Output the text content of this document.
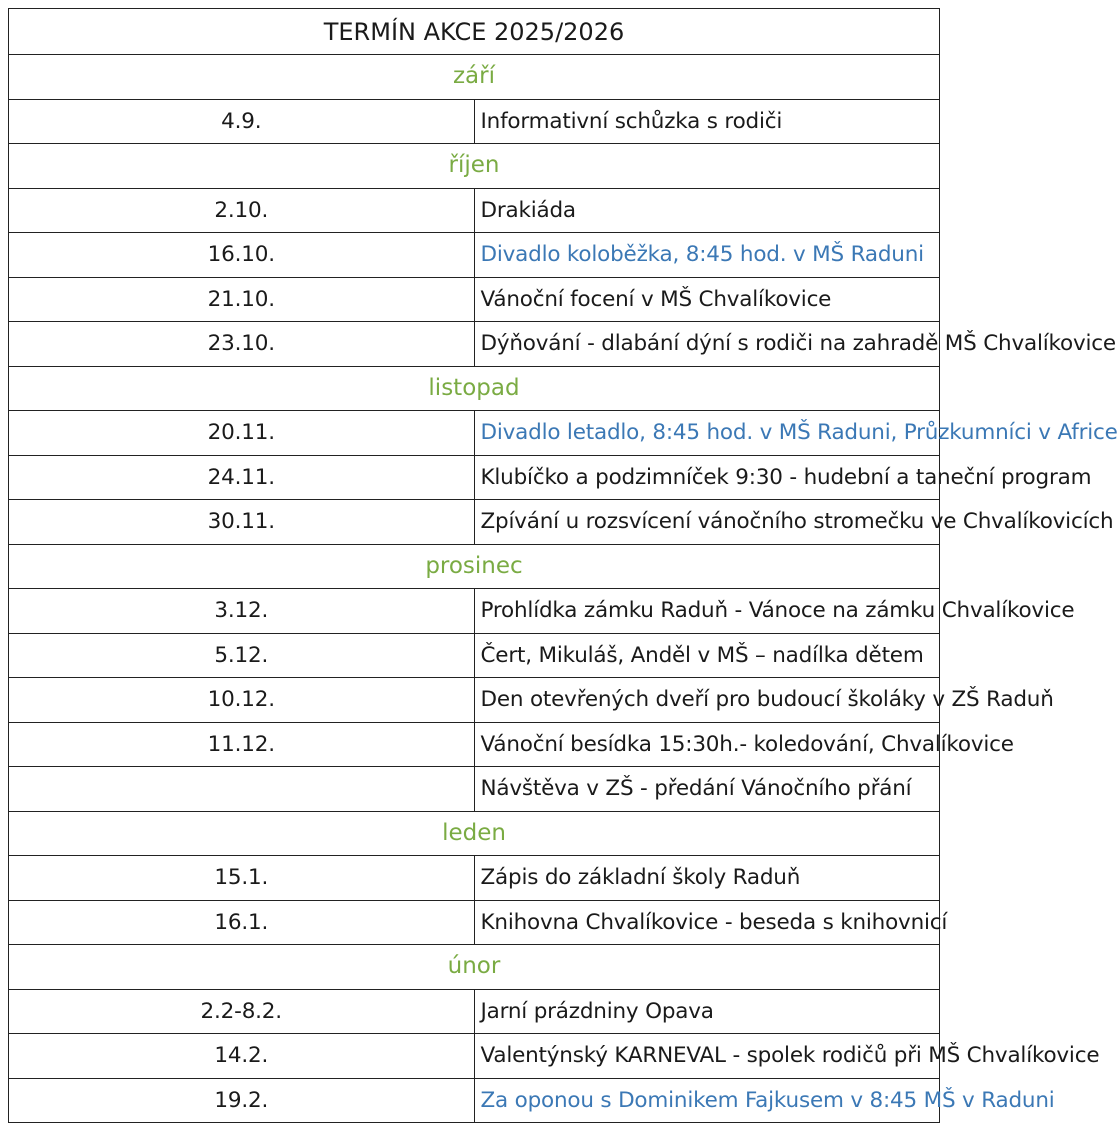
TERMÍN AKCE 2025/2026	
září	
4.9.	Informativní schůzka s rodiči
říjen	
2.10.	Drakiáda
16.10.	Divadlo koloběžka, 8:45 hod. v MŠ Raduni
21.10.	Vánoční focení v MŠ Chvalíkovice
23.10.	Dýňování - dlabání dýní s rodiči na zahradě MŠ Chvalíkovice
listopad	
20.11.	Divadlo letadlo, 8:45 hod. v MŠ Raduni, Průzkumníci v Africe
24.11.	Klubíčko a podzimníček 9:30 - hudební a taneční program
30.11.	Zpívání u rozsvícení vánočního stromečku ve Chvalíkovicích
prosinec	
3.12.	Prohlídka zámku Raduň - Vánoce na zámku Chvalíkovice
5.12.	Čert, Mikuláš, Anděl v MŠ – nadílka dětem
10.12.	Den otevřených dveří pro budoucí školáky v ZŠ Raduň
11.12.	Vánoční besídka 15:30h.- koledování, Chvalíkovice
	Návštěva v ZŠ - předání Vánočního přání
leden	
15.1.	Zápis do základní školy Raduň
16.1.	Knihovna Chvalíkovice - beseda s knihovnicí
únor	
2.2-8.2.	Jarní prázdniny Opava
14.2.	Valentýnský KARNEVAL - spolek rodičů při MŠ Chvalíkovice
19.2.	Za oponou s Dominikem Fajkusem v 8:45 MŠ v Raduni
